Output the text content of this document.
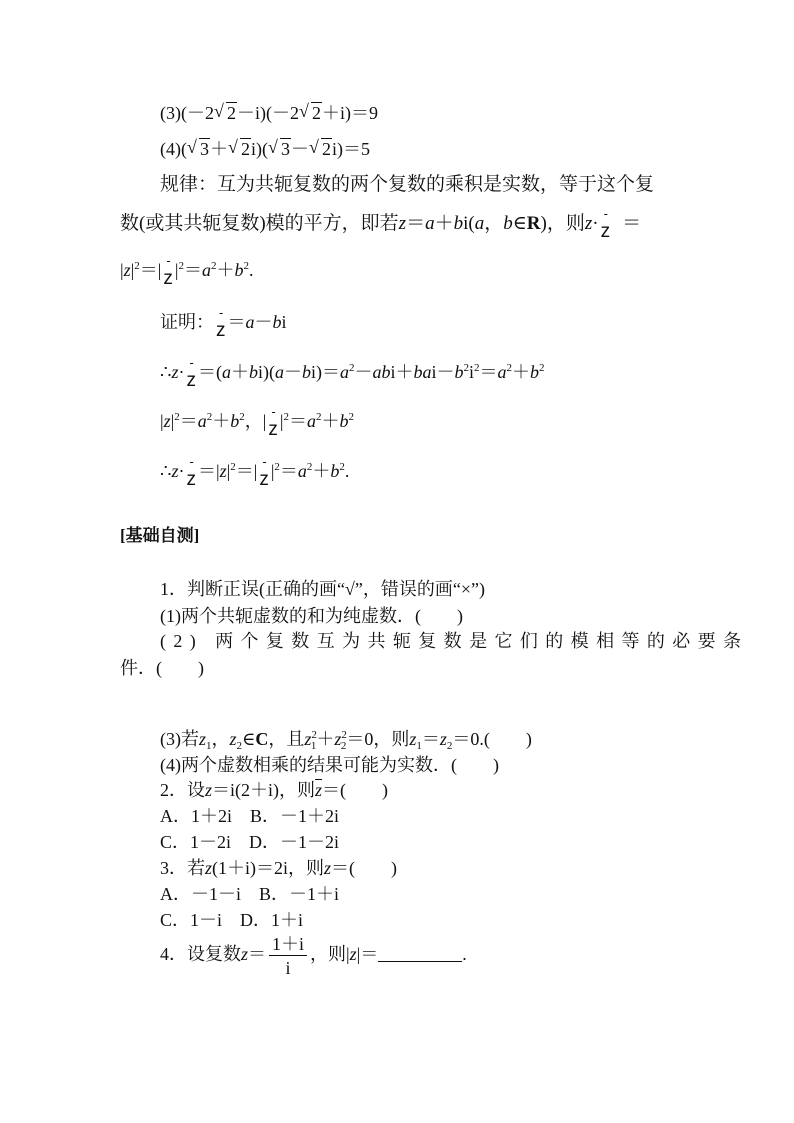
(3)(－2 √ 2－i)(－2 √ 2＋i)＝9
(4)( √ 3＋ √ 2i)( √ 3－ √ 2i)＝5
规律：互为共轭复数的两个复数的乘积是实数，等于这个复
数(或其共轭复数)模的平方，即若z＝a＋bi(a，b∈R)，则z· - z ＝
$|z|^2=| - z$ $|^2=a^2+b^2$.
证明： - z ＝a－bi
∴z· - $z =(a+bi)(a-bi)=a^2-abi+bai-b^2i^2=a^2+b^2$
$|z|^2=a^2+b^2$，| - z $|^2=a^2+b^2$
∴z· - $z =|z|^2=| - z$ $|^2=a^2+b^2$.
[基础自测]
1．判断正误(正确的画“√”，错误的画“×”)
(1)两个共轭虚数的和为纯虚数．(　　)
(2) 两个复数互为共轭复数是它们的模相等的必要条
件．(　　)
(3)若$z_1$，$z_2\in C$，且$z^2_1+z^2_2=0$，则$z_1=z_2=0$.(　　)
(4)两个虚数相乘的结果可能为实数．(　　)
2．设z＝i(2＋i)，则$\overline{z}=$(　　)
A．1＋2i　B．－1＋2i
C．1－2i　D．－1－2i
3．若z(1＋i)＝2i，则z＝(　　)
A．－1－i　B．－1＋i
C．1－i　D．1＋i
4．设复数$z= \frac{1+i}{i}$ ，则|z|＝	.
